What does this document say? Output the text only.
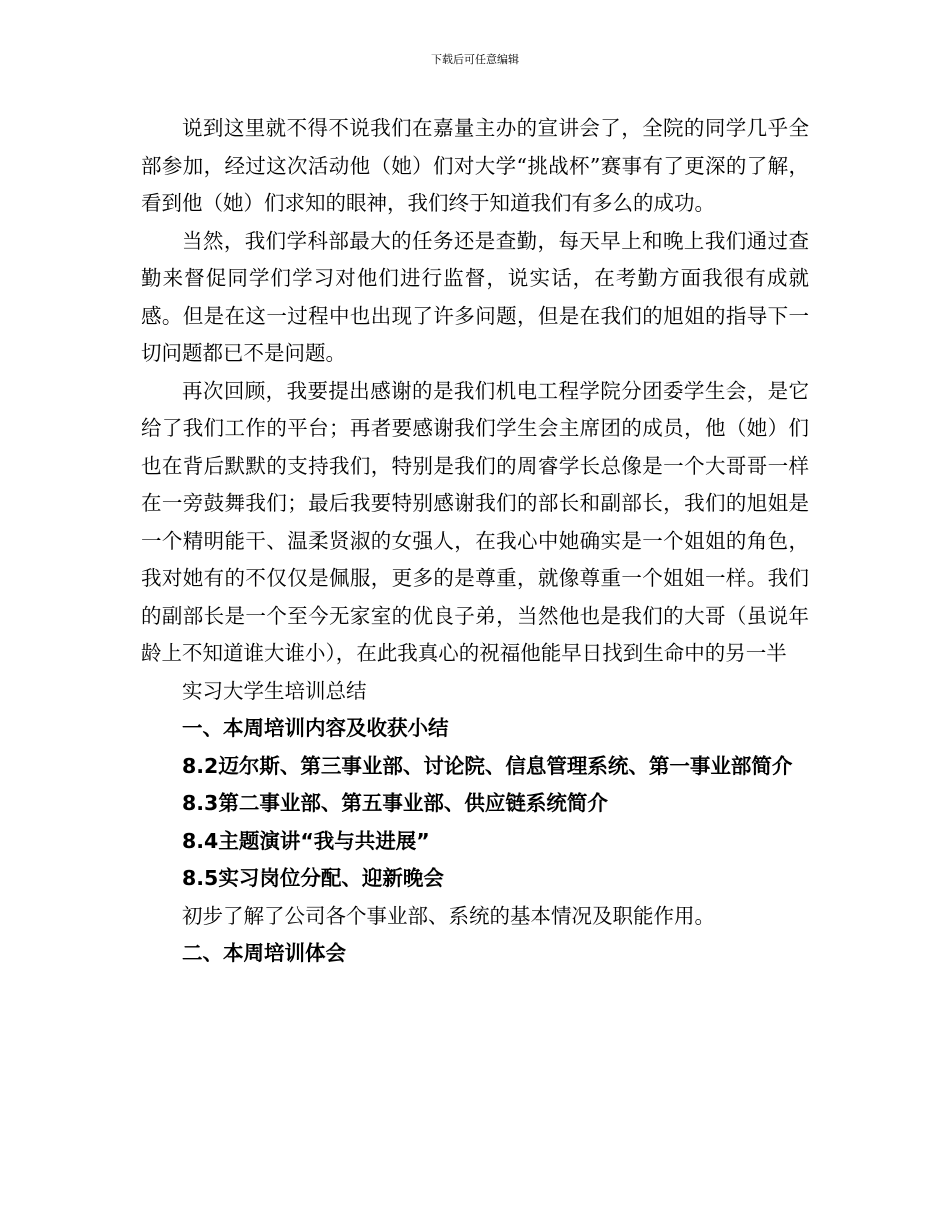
下载后可任意编辑

说到这里就不得不说我们在嘉量主办的宣讲会了，全院的同学几乎全部参加，经过这次活动他（她）们对大学“挑战杯”赛事有了更深的了解，看到他（她）们求知的眼神，我们终于知道我们有多么的成功。

当然，我们学科部最大的任务还是查勤，每天早上和晚上我们通过查勤来督促同学们学习对他们进行监督，说实话，在考勤方面我很有成就感。但是在这一过程中也出现了许多问题，但是在我们的旭姐的指导下一切问题都已不是问题。

再次回顾，我要提出感谢的是我们机电工程学院分团委学生会，是它给了我们工作的平台；再者要感谢我们学生会主席团的成员，他（她）们也在背后默默的支持我们，特别是我们的周睿学长总像是一个大哥哥一样在一旁鼓舞我们；最后我要特别感谢我们的部长和副部长，我们的旭姐是一个精明能干、温柔贤淑的女强人，在我心中她确实是一个姐姐的角色，我对她有的不仅仅是佩服，更多的是尊重，就像尊重一个姐姐一样。我们的副部长是一个至今无家室的优良子弟，当然他也是我们的大哥（虽说年龄上不知道谁大谁小），在此我真心的祝福他能早日找到生命中的另一半

实习大学生培训总结

一、本周培训内容及收获小结

8.2迈尔斯、第三事业部、讨论院、信息管理系统、第一事业部简介

8.3第二事业部、第五事业部、供应链系统简介

8.4主题演讲“我与共进展”

8.5实习岗位分配、迎新晚会

初步了解了公司各个事业部、系统的基本情况及职能作用。

二、本周培训体会
